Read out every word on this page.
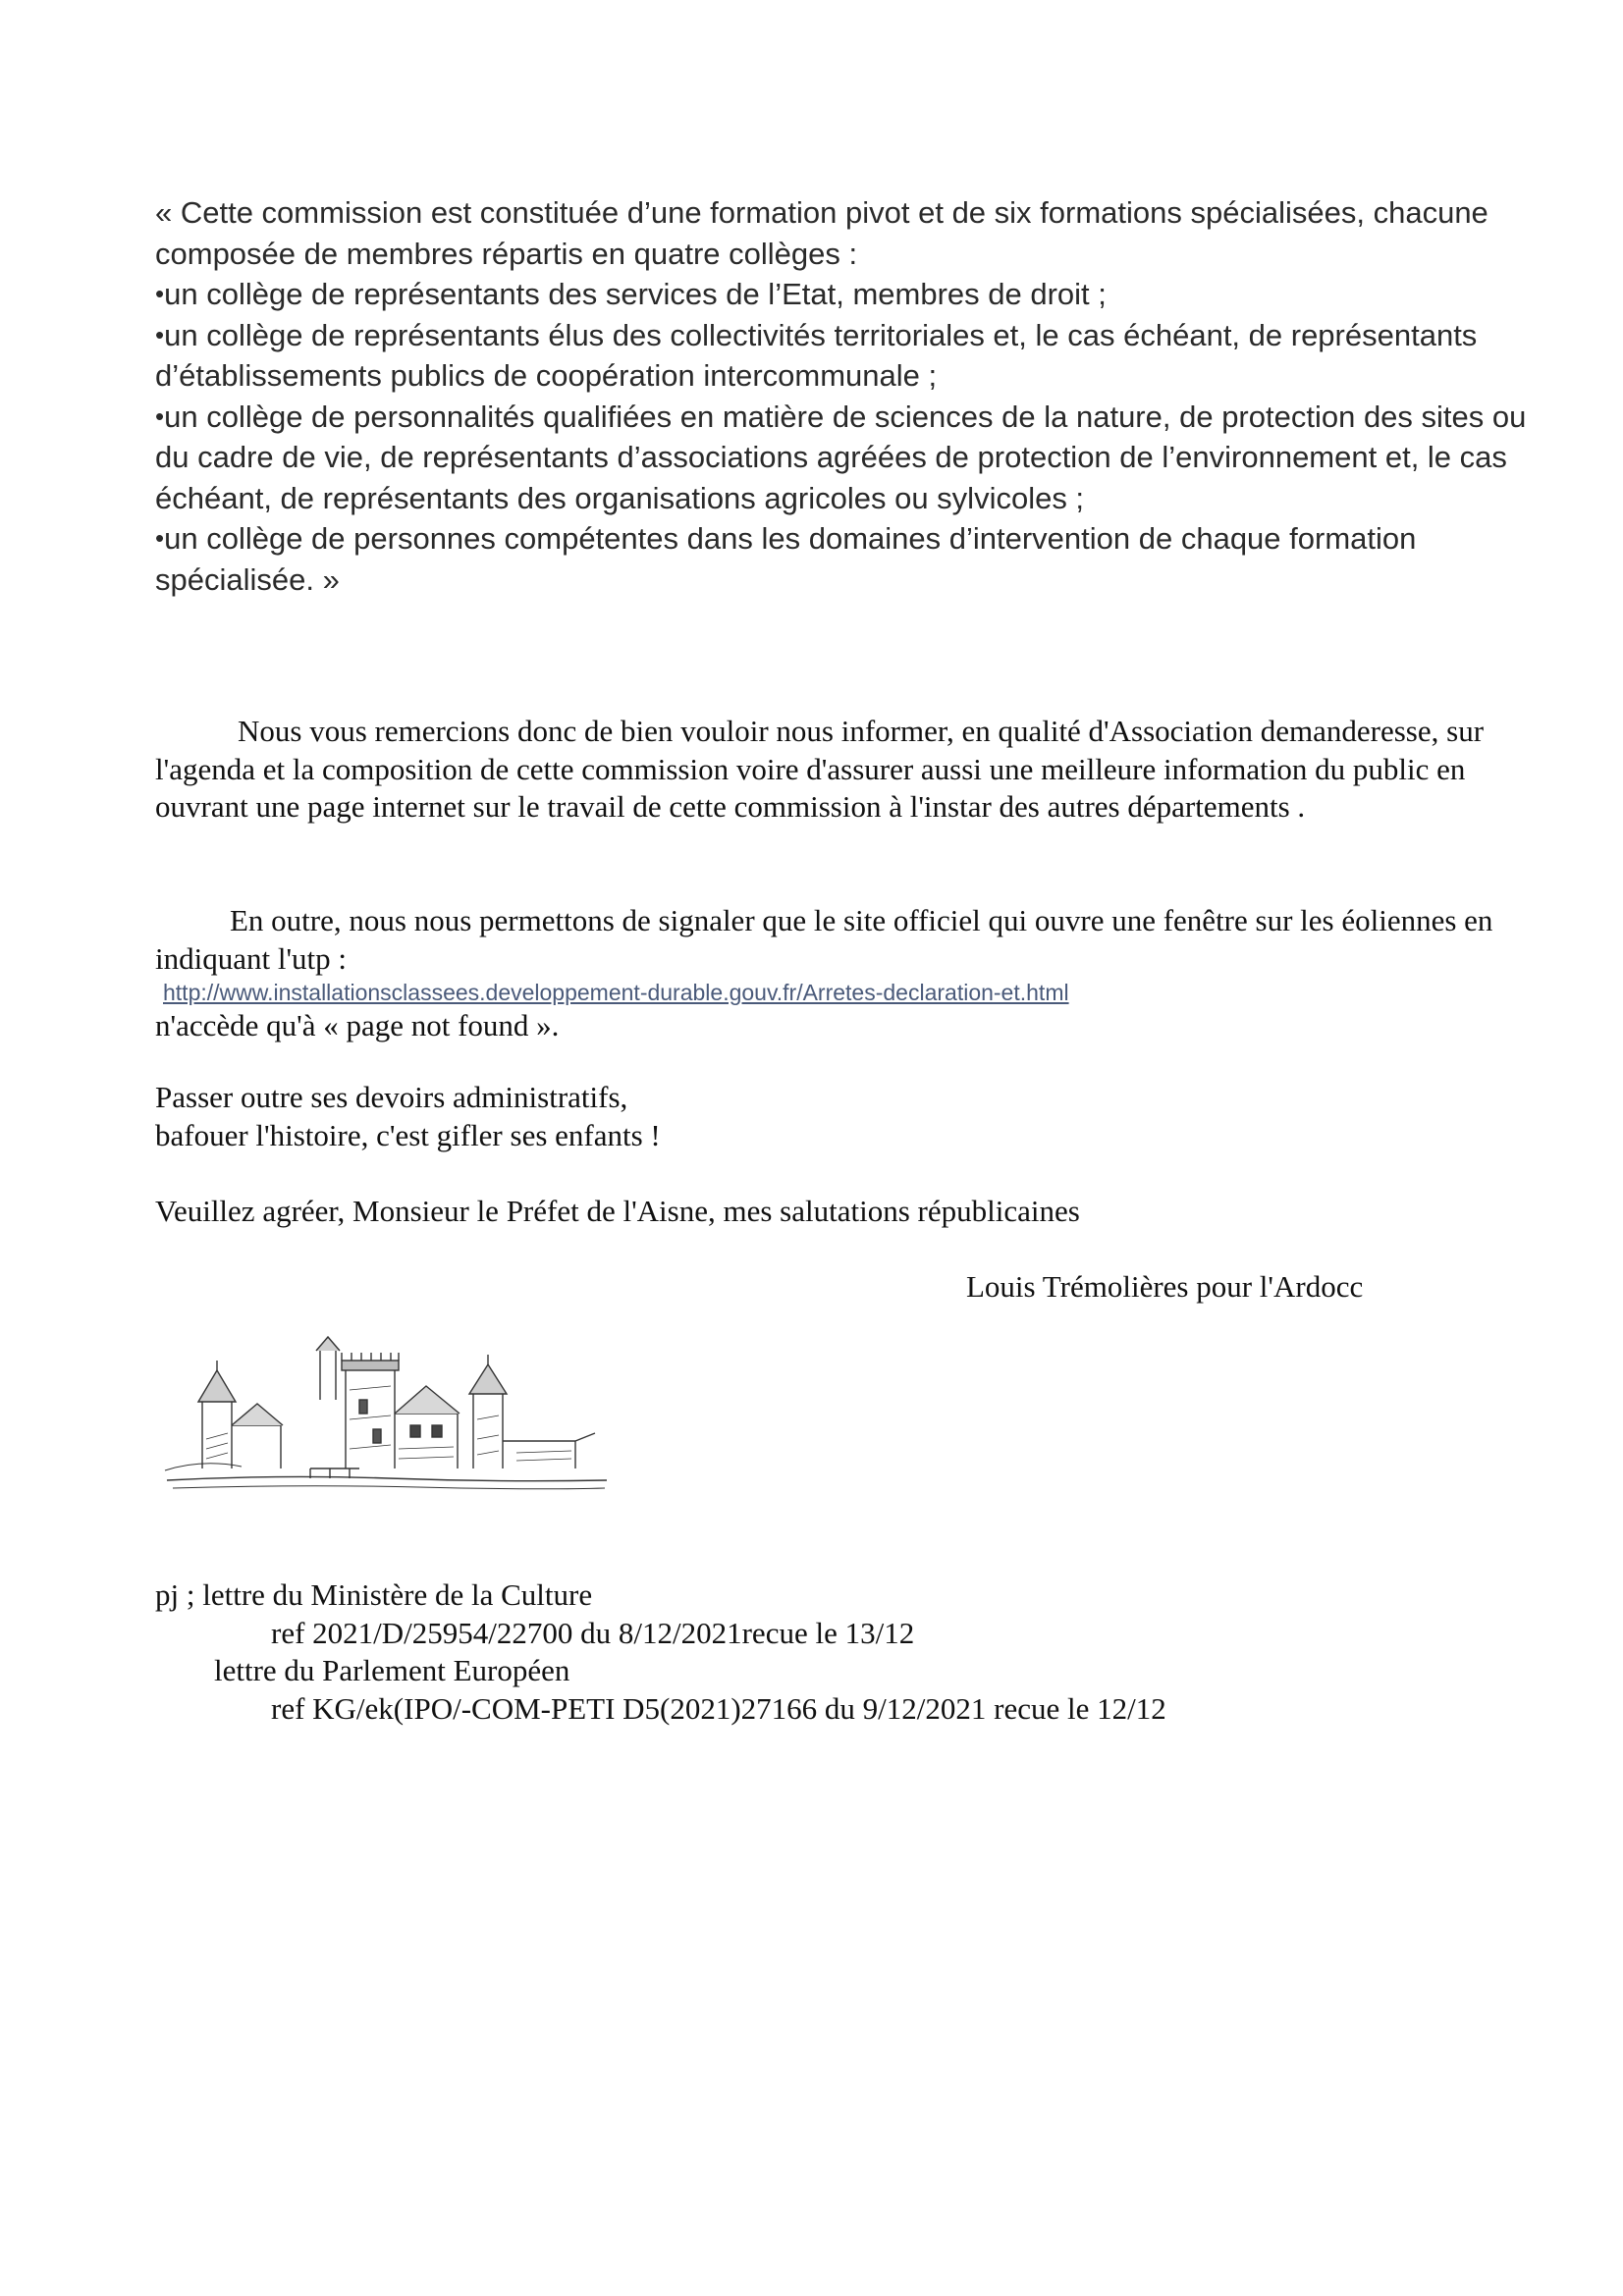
« Cette commission est constituée d’une formation pivot et de six formations spécialisées, chacune composée de membres répartis en quatre collèges :

•un collège de représentants des services de l’Etat, membres de droit ;

•un collège de représentants élus des collectivités territoriales et, le cas échéant, de représentants d’établissements publics de coopération intercommunale ;

•un collège de personnalités qualifiées en matière de sciences de la nature, de protection des sites ou du cadre de vie, de représentants d’associations agréées de protection de l’environnement et, le cas échéant, de représentants des organisations agricoles ou sylvicoles ;

•un collège de personnes compétentes dans les domaines d’intervention de chaque formation spécialisée. »

Nous vous remercions donc de bien vouloir nous informer, en qualité d'Association demanderesse, sur l'agenda et la composition de cette commission voire d'assurer aussi une meilleure information du public en ouvrant une page internet sur le travail de cette commission à l'instar des autres départements .

En outre, nous nous permettons de signaler que le site officiel qui ouvre une fenêtre sur les éoliennes en indiquant l'utp :

http://www.installationsclassees.developpement-durable.gouv.fr/Arretes-declaration-et.html

n'accède qu'à « page not found ».

Passer outre ses devoirs administratifs,

bafouer l'histoire, c'est gifler ses enfants !

Veuillez agréer, Monsieur le Préfet de l'Aisne, mes salutations républicaines

Louis Trémolières pour l'Ardocc

pj ; lettre du Ministère de la Culture

ref 2021/D/25954/22700 du 8/12/2021recue le 13/12

lettre du Parlement Européen

ref KG/ek(IPO/-COM-PETI D5(2021)27166 du 9/12/2021 recue le 12/12
